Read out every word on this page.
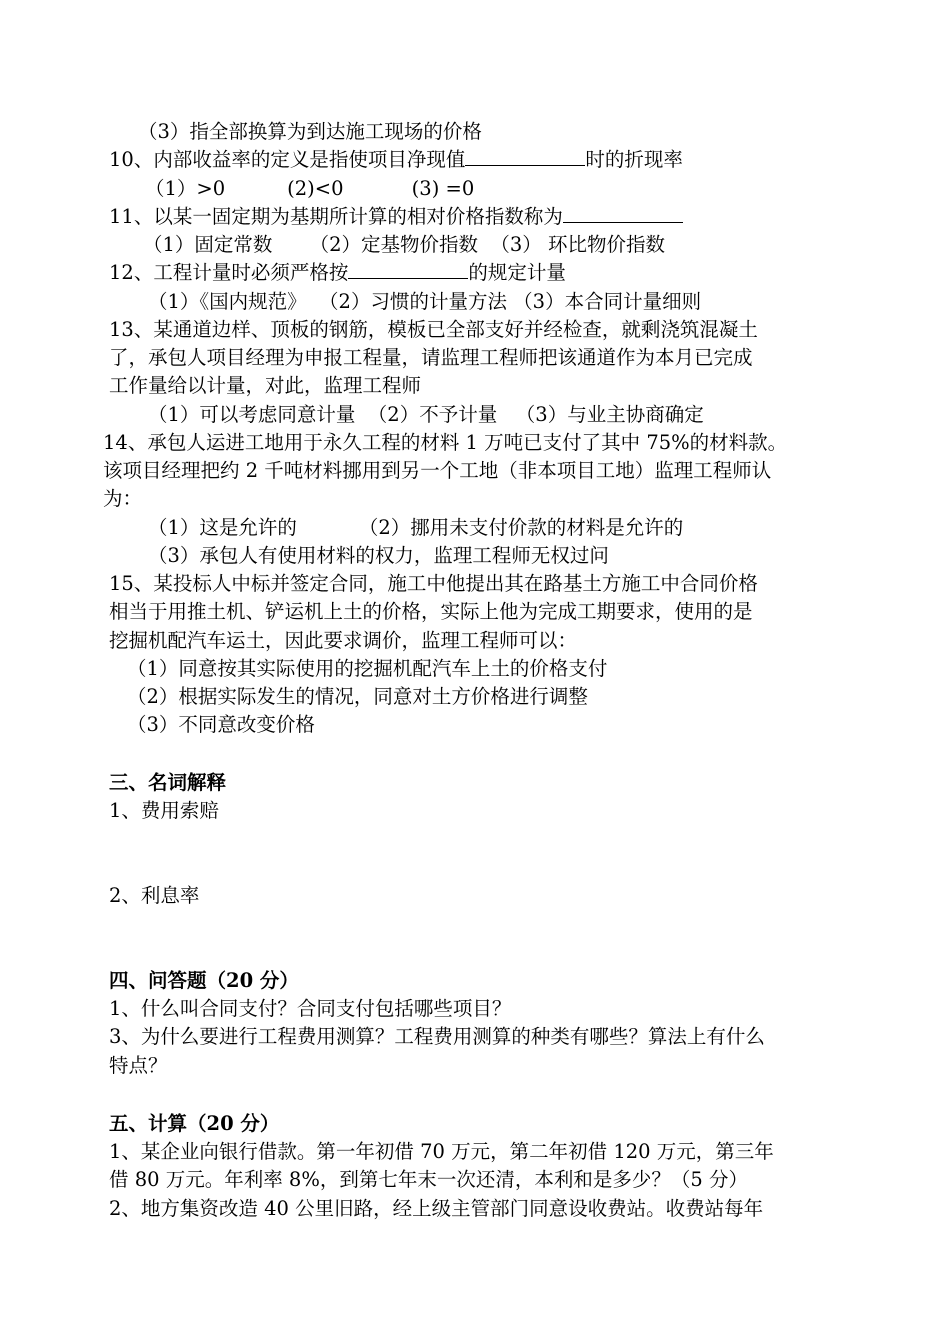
（3）指全部换算为到达施工现场的价格
10、内部收益率的定义是指使项目净现值	时的折现率
（1）>0          (2)<0           (3) =0
11、以某一固定期为基期所计算的相对价格指数称为
（1）固定常数      （2）定基物价指数  （3） 环比物价指数
12、工程计量时必须严格按	的规定计量
（1）《国内规范》  （2）习惯的计量方法 （3）本合同计量细则
13、某通道边样、顶板的钢筋，模板已全部支好并经检查，就剩浇筑混凝土
了，承包人项目经理为申报工程量，请监理工程师把该通道作为本月已完成
工作量给以计量，对此，监理工程师
（1）可以考虑同意计量  （2）不予计量   （3）与业主协商确定
14、承包人运进工地用于永久工程的材料 1 万吨已支付了其中 75%的材料款。
该项目经理把约 2 千吨材料挪用到另一个工地（非本项目工地）监理工程师认
为：
（1）这是允许的          （2）挪用未支付价款的材料是允许的
（3）承包人有使用材料的权力，监理工程师无权过问
15、某投标人中标并签定合同，施工中他提出其在路基土方施工中合同价格
相当于用推土机、铲运机上土的价格，实际上他为完成工期要求，使用的是
挖掘机配汽车运土，因此要求调价，监理工程师可以：
（1）同意按其实际使用的挖掘机配汽车上土的价格支付
（2）根据实际发生的情况，同意对土方价格进行调整
（3）不同意改变价格
三、名词解释
1、费用索赔
2、利息率
四、问答题（20 分）
1、什么叫合同支付？合同支付包括哪些项目？
3、为什么要进行工程费用测算？工程费用测算的种类有哪些？算法上有什么
特点？
五、计算（20 分）
1、某企业向银行借款。第一年初借 70 万元，第二年初借 120 万元，第三年
借 80 万元。年利率 8%，到第七年末一次还清，本利和是多少？（5 分）
2、地方集资改造 40 公里旧路，经上级主管部门同意设收费站。收费站每年
